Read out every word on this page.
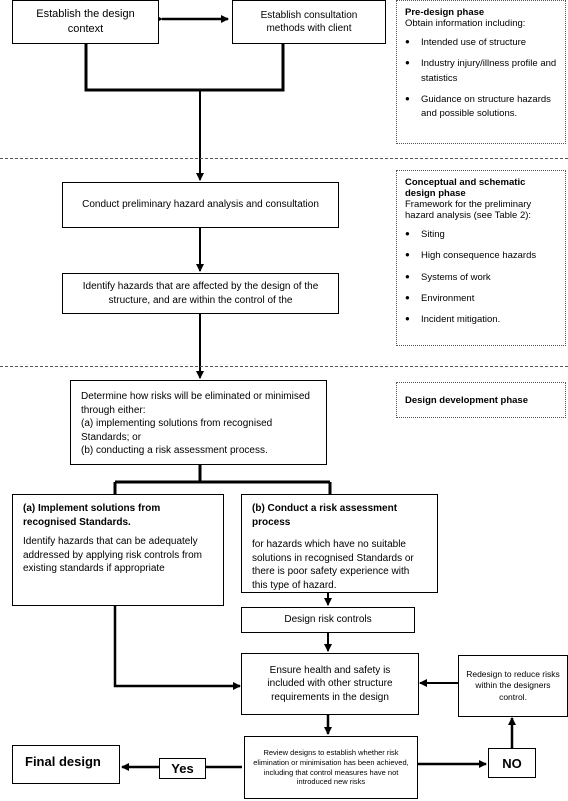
Establish the design context
Establish consultation methods with client
Conduct preliminary hazard analysis and consultation
Identify hazards that are affected by the design of the structure, and are within the control of the

Determine how risks will be eliminated or minimised through either:

(a) implementing solutions from recognised Standards; or

(b) conducting a risk assessment process.

(a) Implement solutions from recognised Standards.

Identify hazards that can be adequately addressed by applying risk controls from existing standards if appropriate

(b) Conduct a risk assessment process

for hazards which have no suitable solutions in recognised Standards or there is poor safety experience with this type of hazard.

Design risk controls
Ensure health and safety is included with other structure requirements in the design
Redesign to reduce risks within the designers control.
Review designs to establish whether risk elimination or minimisation has been achieved, including that control measures have not introduced new risks
NO
Yes
Final design

Pre-design phase

Obtain information including:

● Intended use of structure
● Industry injury/illness profile and statistics
● Guidance on structure hazards and possible solutions.

Conceptual and schematic design phase

Framework for the preliminary hazard analysis (see Table 2):

● Siting
● High consequence hazards
● Systems of work
● Environment
● Incident mitigation.
Design development phase
